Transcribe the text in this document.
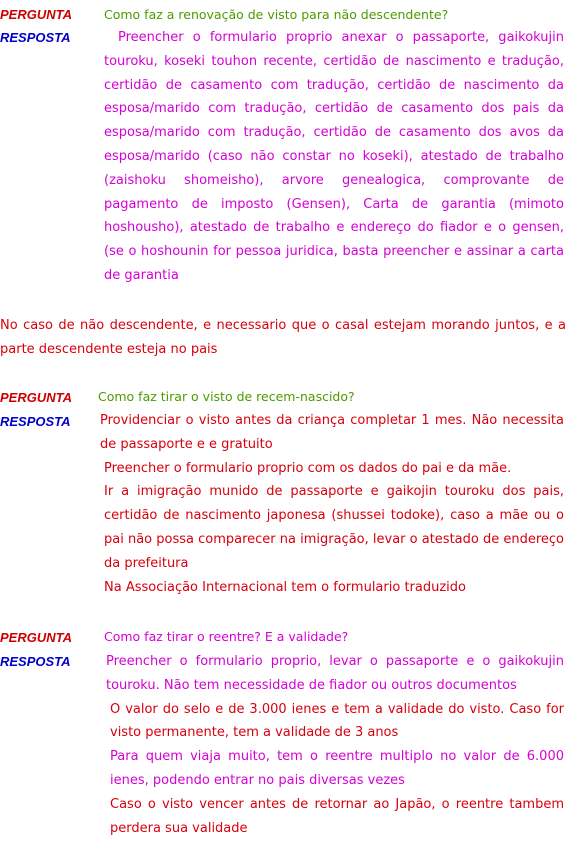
PERGUNTA	Como faz a renovação de visto para não descendente?
RESPOSTA	Preencher o formulario proprio anexar o passaporte, gaikokujin touroku, koseki touhon recente, certidão de nascimento e tradução, certidão de casamento com tradução, certidão de nascimento da esposa/marido com tradução, certidão de casamento dos pais da esposa/marido com tradução, certidão de casamento dos avos da esposa/marido (caso não constar no koseki), atestado de trabalho (zaishoku shomeisho), arvore genealogica, comprovante de pagamento de imposto (Gensen), Carta de garantia (mimoto hoshousho), atestado de trabalho e endereço do fiador e o gensen, (se o hoshounin for pessoa juridica, basta preencher e assinar a carta de garantia

No caso de não descendente, e necessario que o casal estejam morando juntos, e a parte descendente esteja no pais
PERGUNTA Como faz tirar o visto de recem-nascido?
RESPOSTA Providenciar o visto antes da criança completar 1 mes. Não necessita de passaporte e e gratuito

Preencher o formulario proprio com os dados do pai e da mãe.

Ir a imigração munido de passaporte e gaikojin touroku dos pais, certidão de nascimento japonesa (shussei todoke), caso a mãe ou o pai não possa comparecer na imigração, levar o atestado de endereço da prefeitura

Na Associação Internacional tem o formulario traduzido

PERGUNTA	Como faz tirar o reentre? E a validade?
RESPOSTA	Preencher o formulario proprio, levar o passaporte e o gaikokujin touroku. Não tem necessidade de fiador ou outros documentos

O valor do selo e de 3.000 ienes e tem a validade do visto. Caso for visto permanente, tem a validade de 3 anos

Para quem viaja muito, tem o reentre multiplo no valor de 6.000 ienes, podendo entrar no pais diversas vezes

Caso o visto vencer antes de retornar ao Japão, o reentre tambem perdera sua validade
